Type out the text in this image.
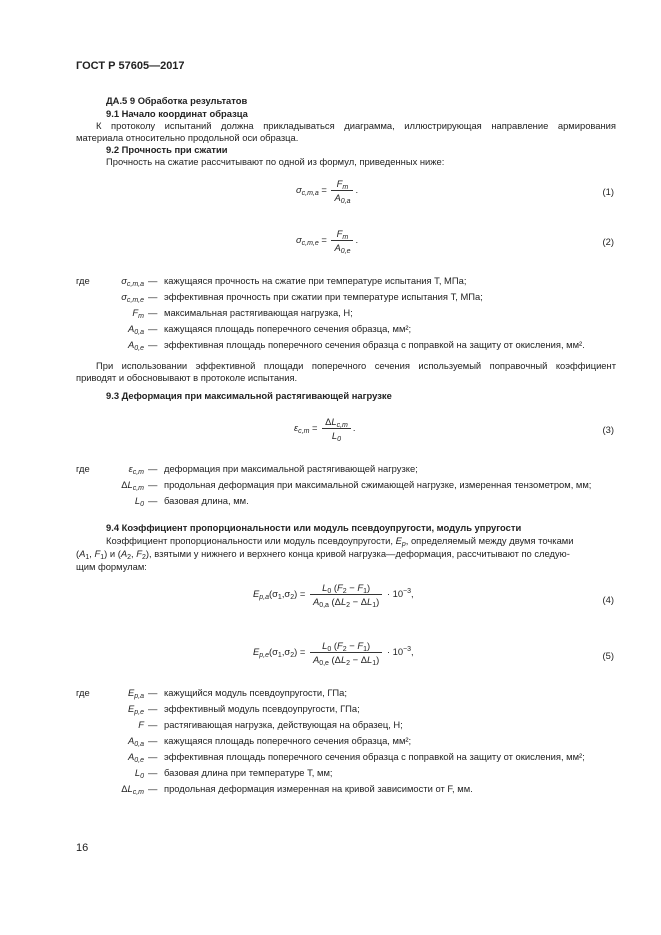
ГОСТ Р 57605—2017
ДА.5 9 Обработка результатов
9.1 Начало координат образца
К протоколу испытаний должна прикладываться диаграмма, иллюстрирующая направление армирования
материала относительно продольной оси образца.
9.2 Прочность при сжатии
Прочность на сжатие рассчитывают по одной из формул, приведенных ниже:
$\sigma_{c,m,a} = \frac{F_m}{A_{0,a}}$ .	(1)
$\sigma_{c,m,e} = \frac{F_m}{A_{0,e}}$ .	(2)
где	$\sigma_{c,m,a}$ — кажущаяся прочность на сжатие при температуре испытания T, МПа;
$\sigma_{c,m,e}$ — эффективная прочность при сжатии при температуре испытания T, МПа;
$F_m$ — максимальная растягивающая нагрузка, Н;
$A_{0,a}$ — кажущаяся площадь поперечного сечения образца, мм²;
$A_{0,e}$ — эффективная площадь поперечного сечения образца с поправкой на защиту от окисления, мм².
При использовании эффективной площади поперечного сечения используемый поправочный коэффициент
приводят и обосновывают в протоколе испытания.
9.3 Деформация при максимальной растягивающей нагрузке
$\varepsilon_{c,m} = \frac{\Delta L_{c,m}}{L_0}$ .	(3)
где	$\varepsilon_{c,m}$ — деформация при максимальной растягивающей нагрузке;
$\Delta L_{c,m}$ — продольная деформация при максимальной сжимающей нагрузке, измеренная тензометром, мм;
$L_0$ — базовая длина, мм.
9.4 Коэффициент пропорциональности или модуль псевдоупругости, модуль упругости
Коэффициент пропорциональности или модуль псевдоупругости, $E_p$, определяемый между двумя точками
($A_1$, $F_1$) и ($A_2$, $F_2$), взятыми у нижнего и верхнего конца кривой нагрузка—деформация, рассчитывают по следую-
щим формулам:
$E_{p,a}(\sigma_1,\sigma_2) = \frac{L_0 (F_2 - F_1)}{A_{0,a} (\Delta L_2 - \Delta L_1)} \cdot 10^{-3}$,
(4)
$E_{p,e}(\sigma_1,\sigma_2) = \frac{L_0 (F_2 - F_1)}{A_{0,e} (\Delta L_2 - \Delta L_1)} \cdot 10^{-3}$,	(5)
где	$E_{p,a}$ — кажущийся модуль псевдоупругости, ГПа;
$E_{p,e}$ — эффективный модуль псевдоупругости, ГПа;
F — растягивающая нагрузка, действующая на образец, Н;
$A_{0,a}$ — кажущаяся площадь поперечного сечения образца, мм²;
$A_{0,e}$ — эффективная площадь поперечного сечения образца с поправкой на защиту от окисления, мм²;
$L_0$ — базовая длина при температуре T, мм;
$\Delta L_{c,m}$ — продольная деформация измеренная на кривой зависимости от F, мм.
16
